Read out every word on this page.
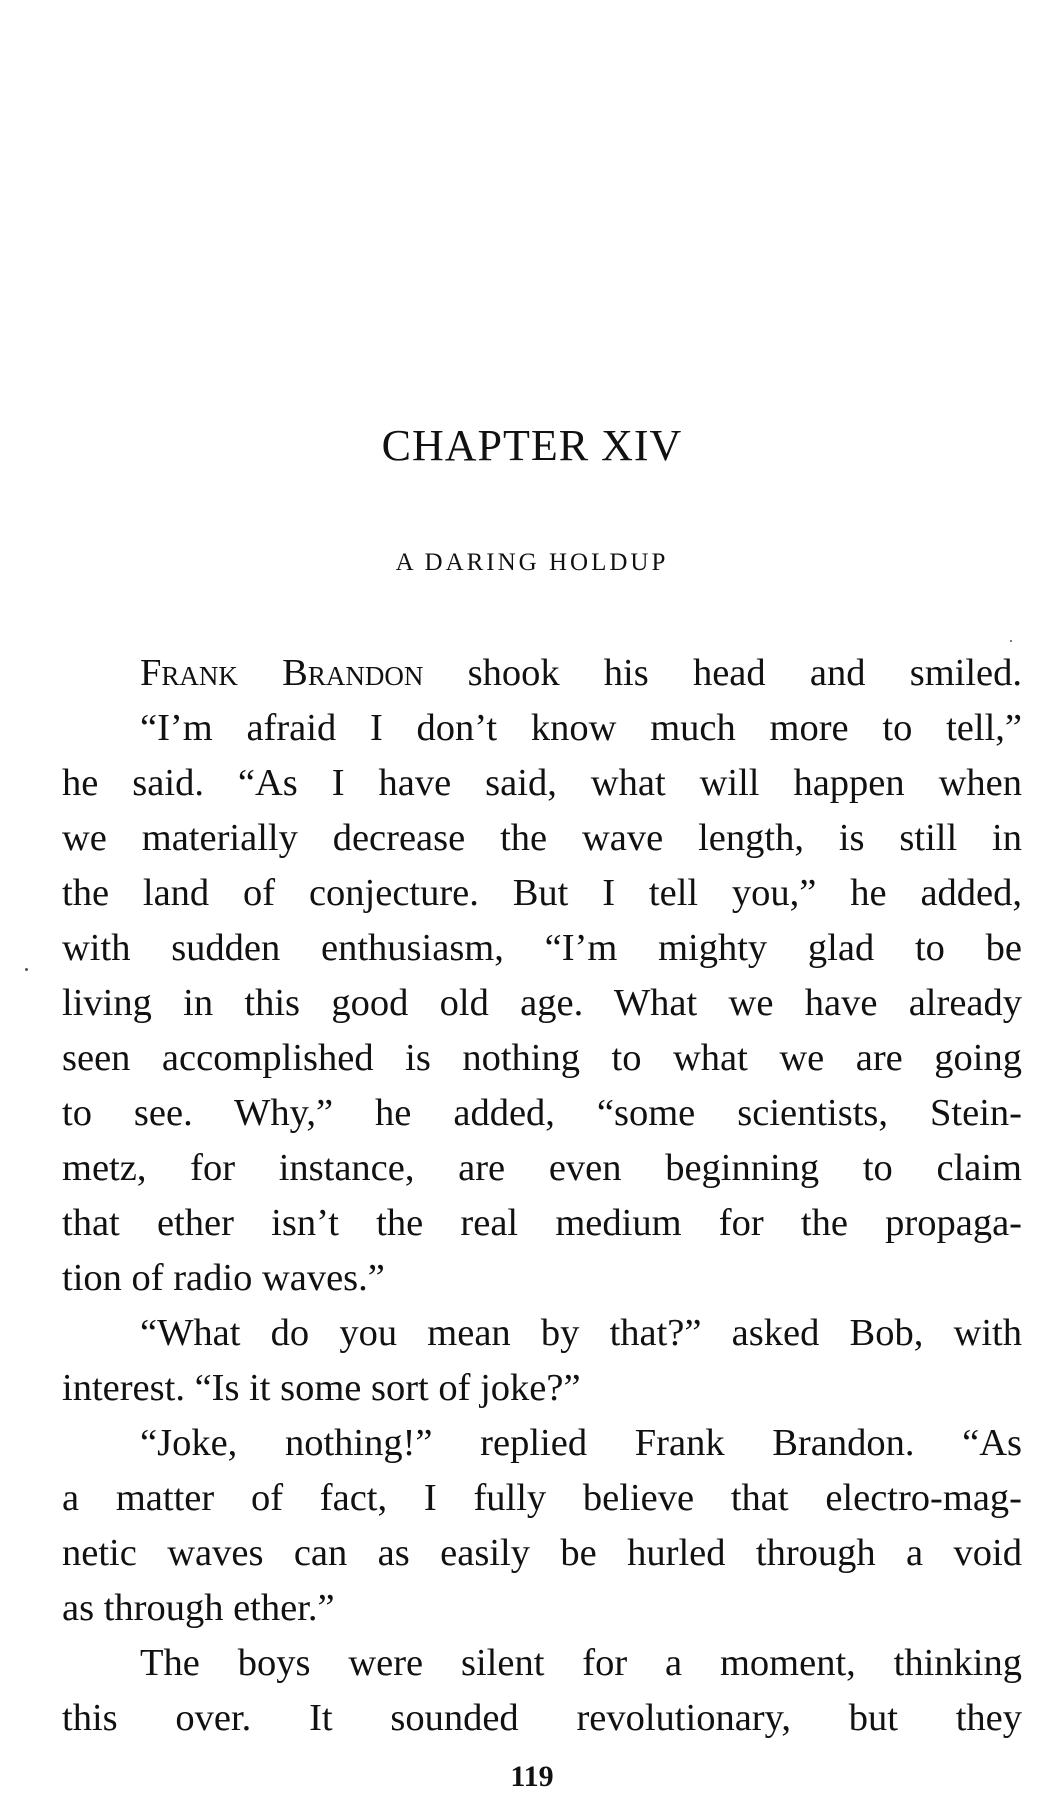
CHAPTER XIV
A DARING HOLDUP
Frank Brandon shook his head and smiled.
“I’m afraid I don’t know much more to tell,”
he said. “As I have said, what will happen when
we materially decrease the wave length, is still in
the land of conjecture. But I tell you,” he added,
with sudden enthusiasm, “I’m mighty glad to be
living in this good old age. What we have already
seen accomplished is nothing to what we are going
to see. Why,” he added, “some scientists, Stein-
metz, for instance, are even beginning to claim
that ether isn’t the real medium for the propaga-
tion of radio waves.”
“What do you mean by that?” asked Bob, with
interest. “Is it some sort of joke?”
“Joke, nothing!” replied Frank Brandon. “As
a matter of fact, I fully believe that electro-mag-
netic waves can as easily be hurled through a void
as through ether.”
The boys were silent for a moment, thinking
this over. It sounded revolutionary, but they
119
